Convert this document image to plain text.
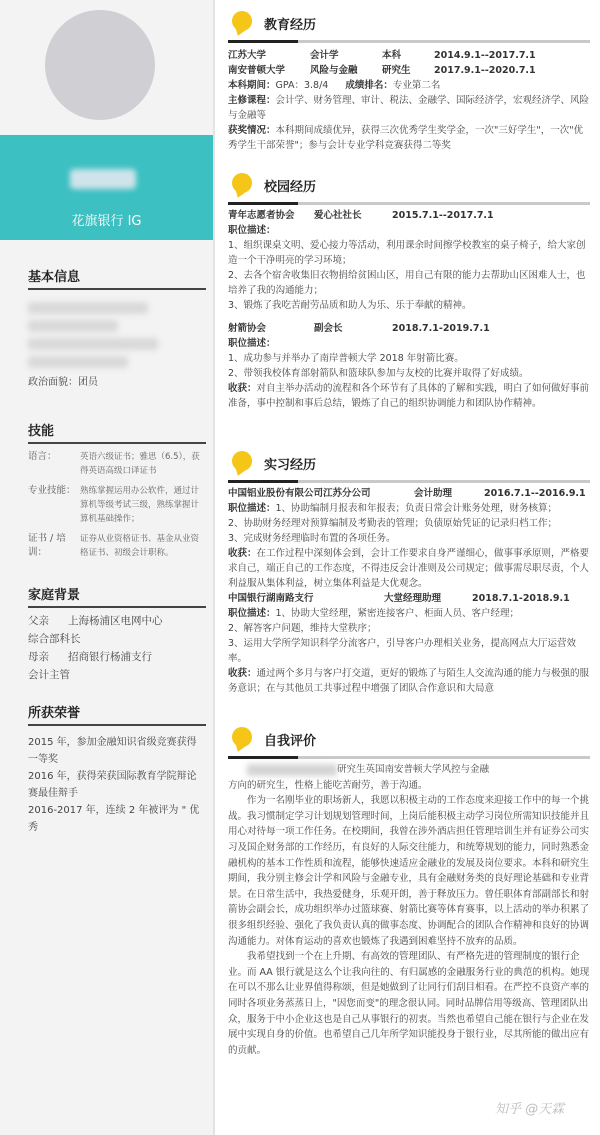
花旗银行 IG
基本信息
政治面貌：团员
技能
语言：	英语六级证书；雅思（6.5），获得英语高级口译证书
专业技能： 熟练掌握运用办公软件，通过计算机等级考试三级，熟练掌握计算机基础操作；
证书 / 培训：
证券从业资格证书、基金从业资格证书、初级会计职称。
家庭背景
父亲	上海杨浦区电网中心
综合部科长
母亲	招商银行杨浦支行
会计主管
所获荣誉
2015 年，参加金融知识省级竞赛获得一等奖
2016 年，获得荣获国际教育学院辩论赛最佳辩手
2016-2017 年，连续 2 年被评为 " 优秀
教育经历
江苏大学	会计学	本科	2014.9.1--2017.7.1
南安普顿大学	风险与金融	研究生	2017.9.1--2020.7.1
本科期间：GPA：3.8/4 成绩排名：专业第二名
主修课程：会计学、财务管理、审计、税法、金融学、国际经济学，宏观经济学、风险与金融等
获奖情况：本科期间成绩优异，获得三次优秀学生奖学金，一次"三好学生"，一次"优秀学生干部荣誉"；参与会计专业学科竞赛获得二等奖
校园经历
青年志愿者协会	爱心社社长	2015.7.1--2017.7.1
职位描述：
1、组织课桌文明、爱心接力等活动，利用课余时间擦学校教室的桌子椅子，给大家创造一个干净明亮的学习环境；
2、去各个宿舍收集旧衣物捐给贫困山区，用自己有限的能力去帮助山区困难人士，也培养了我的沟通能力；
3、锻炼了我吃苦耐劳品质和助人为乐、乐于奉献的精神。
射箭协会	副会长	2018.7.1-2019.7.1
职位描述：
1、成功参与并举办了南岸普顿大学 2018 年射箭比赛。
2、带领我校体育部射箭队和篮球队参加与友校的比赛并取得了好成绩。
收获：对自主举办活动的流程和各个环节有了具体的了解和实践，明白了如何做好事前准备，事中控制和事后总结，锻炼了自己的组织协调能力和团队协作精神。
实习经历
中国铝业股份有限公司江苏分公司	会计助理	2016.7.1--2016.9.1
职位描述：1、协助编制月报表和年报表；负责日常会计账务处理，财务核算；
2、协助财务经理对预算编制及考勤表的管理；负债原始凭证的记录归档工作；
3、完成财务经理临时布置的各项任务。
收获：在工作过程中深刻体会到，会计工作要求自身严谨细心，做事事承原则，严格要求自己，端正自己的工作态度，不得违反会计准则及公司规定；做事需尽职尽责，个人利益服从集体利益，树立集体利益是大优观念。
中国银行湖南路支行	大堂经理助理	2018.7.1-2018.9.1
职位描述：1、协助大堂经理，紧密连接客户、柜面人员、客户经理；
2、解答客户问题，维持大堂秩序；
3、运用大学所学知识科学分流客户，引导客户办理相关业务，提高网点大厅运营效率。
收获：通过两个多月与客户打交道，更好的锻炼了与陌生人交流沟通的能力与极强的服务意识；在与其他员工共事过程中增强了团队合作意识和大局意
自我评价
研究生英国南安普顿大学风控与金融
方向的研究生，性格上能吃苦耐劳，善于沟通。
作为一名刚毕业的职场新人，我愿以积极主动的工作态度来迎接工作中的每一个挑战。我习惯制定学习计划规划管理时间，上岗后能积极主动学习岗位所需知识技能并且用心对待每一项工作任务。在校期间，我曾在涉外酒店担任管理培训生并有证券公司实习及国企财务部的工作经历，有良好的人际交往能力，和统筹规划的能力，同时熟悉金融机构的基本工作性质和流程，能够快速适应金融业的发展及岗位要求。本科和研究生期间，我分别主修会计学和风险与金融专业，具有金融财务类的良好理论基础和专业背景。在日常生活中，我热爱健身，乐观开朗，善于释放压力。曾任职体育部副部长和射箭协会副会长，成功组织举办过篮球赛、射箭比赛等体育赛事，以上活动的举办积累了很多组织经验、强化了我负责认真的做事态度、协调配合的团队合作精神和良好的协调沟通能力。对体育运动的喜欢也锻炼了我遇到困难坚持不放弃的品质。
我希望找到一个在上升期、有高效的管理团队、有严格先进的管理制度的银行企业。而 AA 银行就是这么个让我向往的、有归属感的金融服务行业的典范的机构。她现在可以不那么让业界值得称颂，但是她做到了让同行们刮目相看。在严控不良资产率的同时各项业务蒸蒸日上，"因您而变"的理念很认同。同时品牌信用等级高、管理团队出众，服务于中小企业这也是自己从事银行的初衷。当然也希望自己能在银行与企业在发展中实现自身的价值。也希望自己几年所学知识能投身于银行业，尽其所能的做出应有的贡献。
知乎 @天霖
